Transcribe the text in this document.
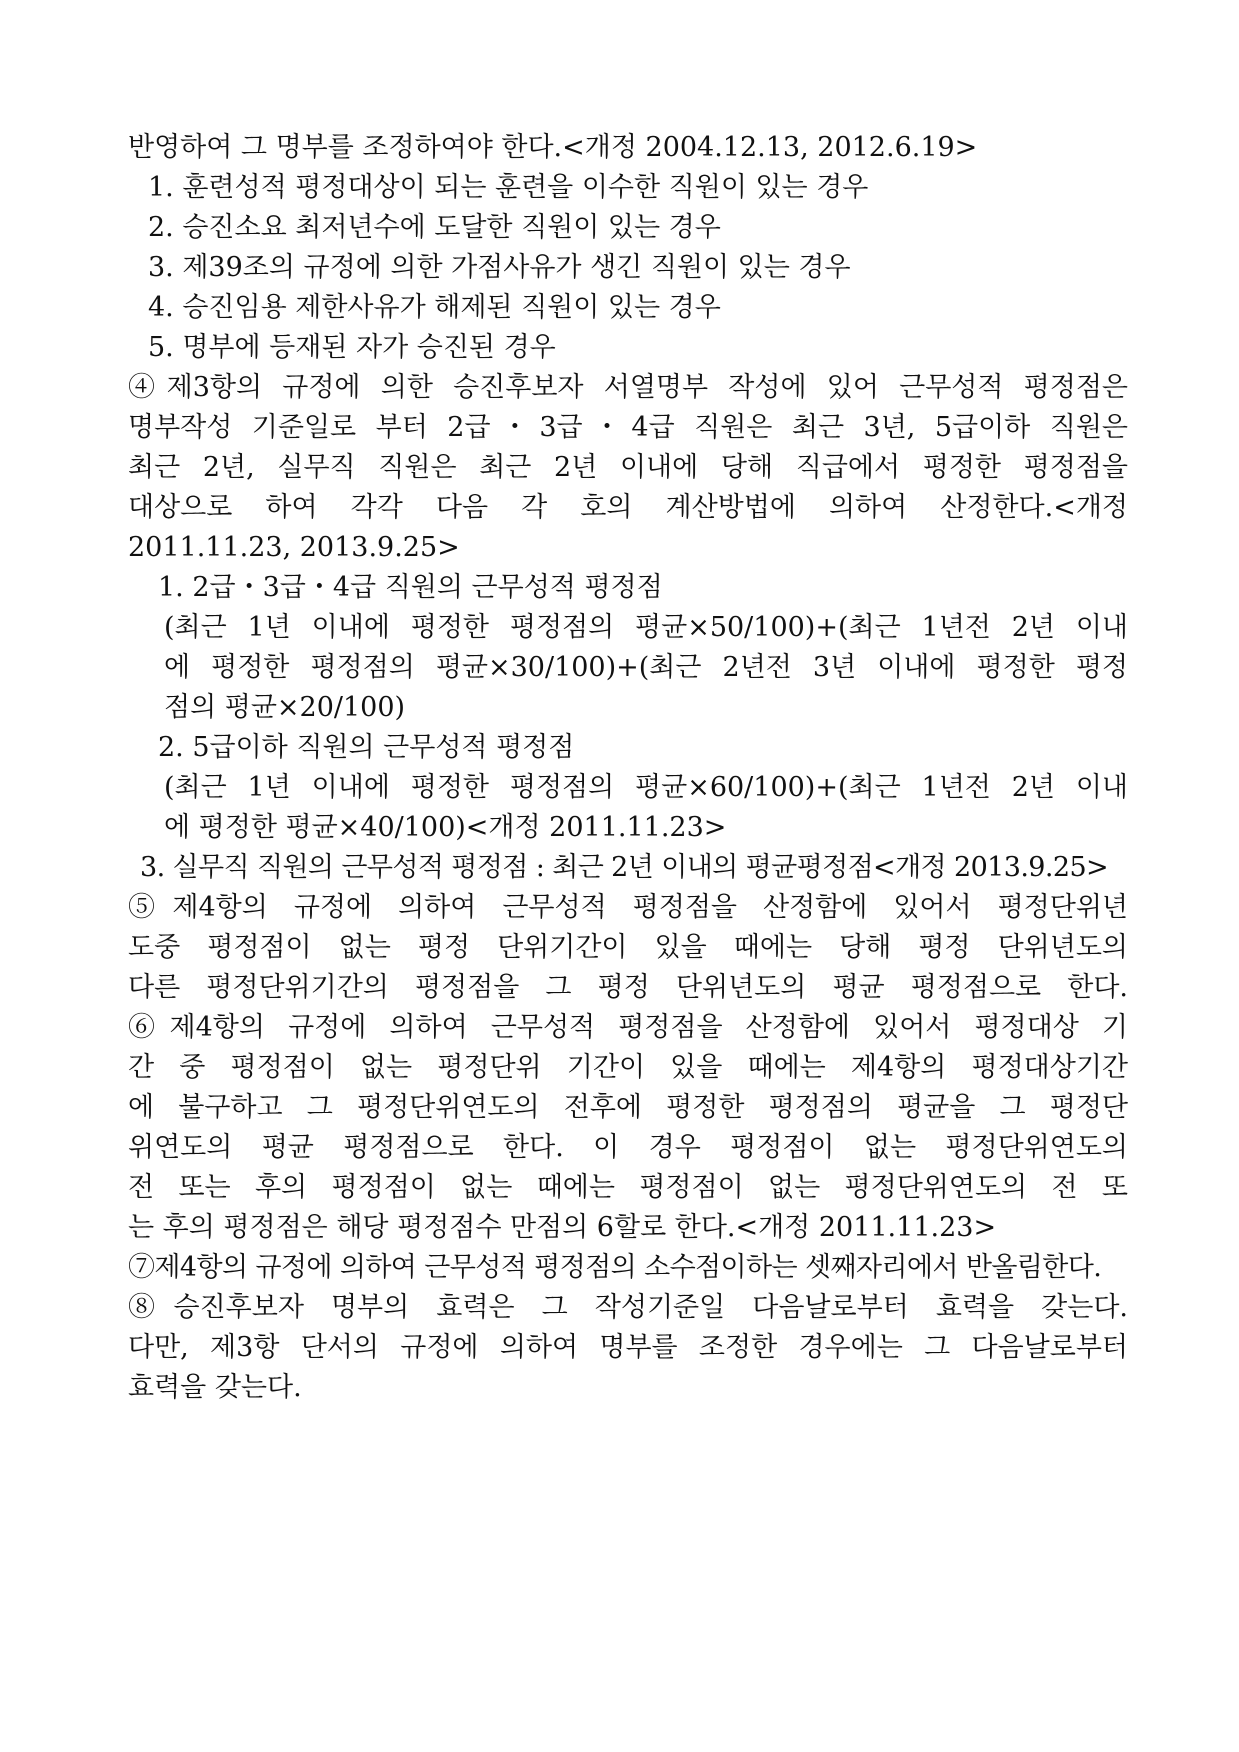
반영하여 그 명부를 조정하여야 한다.<개정 2004.12.13, 2012.6.19>
1. 훈련성적 평정대상이 되는 훈련을 이수한 직원이 있는 경우
2. 승진소요 최저년수에 도달한 직원이 있는 경우
3. 제39조의 규정에 의한 가점사유가 생긴 직원이 있는 경우
4. 승진임용 제한사유가 해제된 직원이 있는 경우
5. 명부에 등재된 자가 승진된 경우
④제3항의 규정에 의한 승진후보자 서열명부 작성에 있어 근무성적 평정점은
명부작성 기준일로 부터 2급・3급・4급 직원은 최근 3년, 5급이하 직원은
최근 2년, 실무직 직원은 최근 2년 이내에 당해 직급에서 평정한 평정점을
대상으로 하여 각각 다음 각 호의 계산방법에 의하여 산정한다.<개정
2011.11.23, 2013.9.25>
1. 2급・3급・4급 직원의 근무성적 평정점
(최근 1년 이내에 평정한 평정점의 평균×50/100)+(최근 1년전 2년 이내
에 평정한 평정점의 평균×30/100)+(최근 2년전 3년 이내에 평정한 평정
점의 평균×20/100)
2. 5급이하 직원의 근무성적 평정점
(최근 1년 이내에 평정한 평정점의 평균×60/100)+(최근 1년전 2년 이내
에 평정한 평균×40/100)<개정 2011.11.23>
3. 실무직 직원의 근무성적 평정점 : 최근 2년 이내의 평균평정점<개정 2013.9.25>
⑤제4항의 규정에 의하여 근무성적 평정점을 산정함에 있어서 평정단위년
도중 평정점이 없는 평정 단위기간이 있을 때에는 당해 평정 단위년도의
다른 평정단위기간의 평정점을 그 평정 단위년도의 평균 평정점으로 한다.
⑥제4항의 규정에 의하여 근무성적 평정점을 산정함에 있어서 평정대상 기
간 중 평정점이 없는 평정단위 기간이 있을 때에는 제4항의 평정대상기간
에 불구하고 그 평정단위연도의 전후에 평정한 평정점의 평균을 그 평정단
위연도의 평균 평정점으로 한다. 이 경우 평정점이 없는 평정단위연도의
전 또는 후의 평정점이 없는 때에는 평정점이 없는 평정단위연도의 전 또
는 후의 평정점은 해당 평정점수 만점의 6할로 한다.<개정 2011.11.23>
⑦제4항의 규정에 의하여 근무성적 평정점의 소수점이하는 셋째자리에서 반올림한다.
⑧승진후보자 명부의 효력은 그 작성기준일 다음날로부터 효력을 갖는다.
다만, 제3항 단서의 규정에 의하여 명부를 조정한 경우에는 그 다음날로부터
효력을 갖는다.
